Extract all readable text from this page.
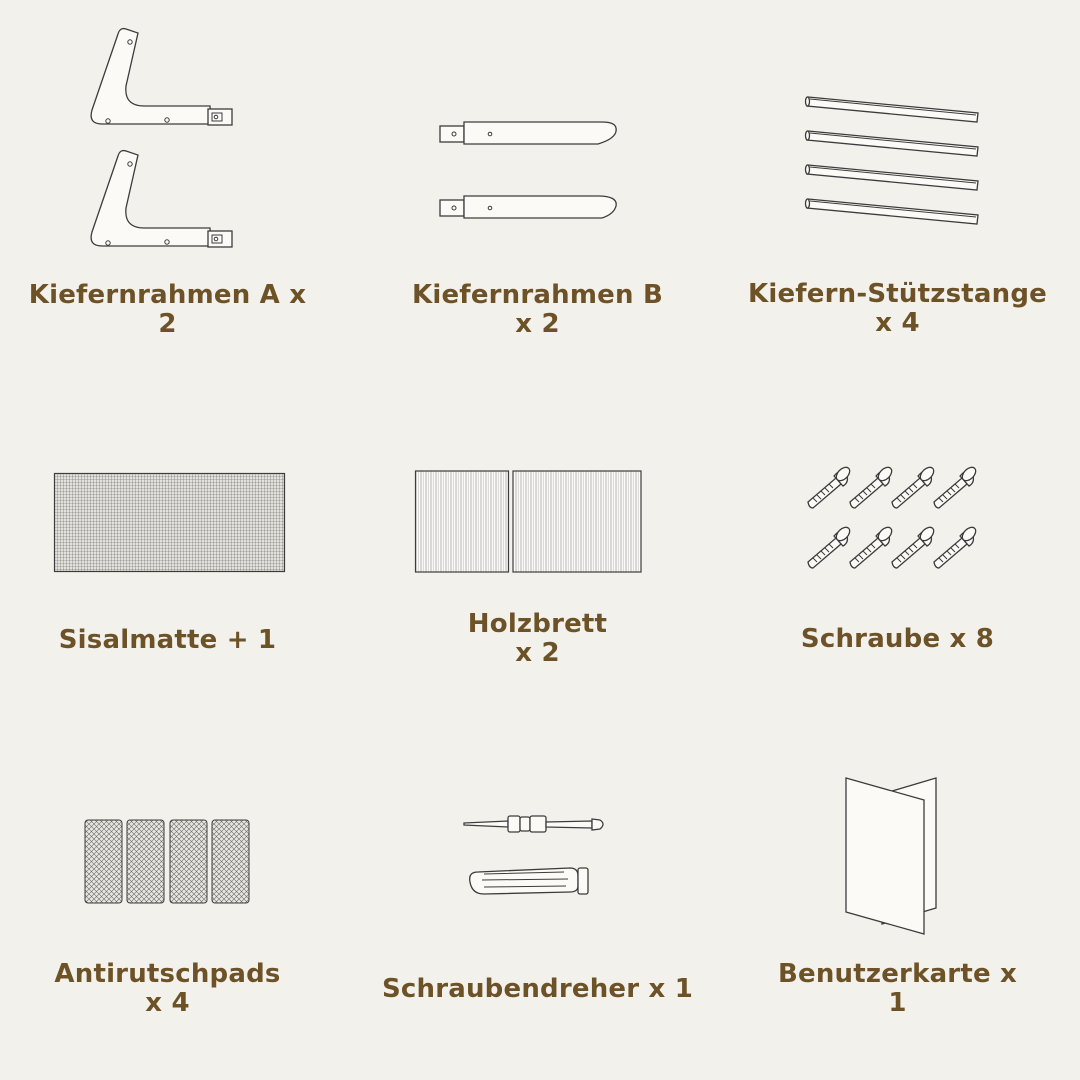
Kiefernrahmen A x
2
Kiefernrahmen B
x 2
Kiefern-Stützstange
x 4
Sisalmatte + 1
Holzbrett
x 2	Schraube x 8
Antirutschpads
x 4	Schraubendreher x 1	Benutzerkarte x
1
